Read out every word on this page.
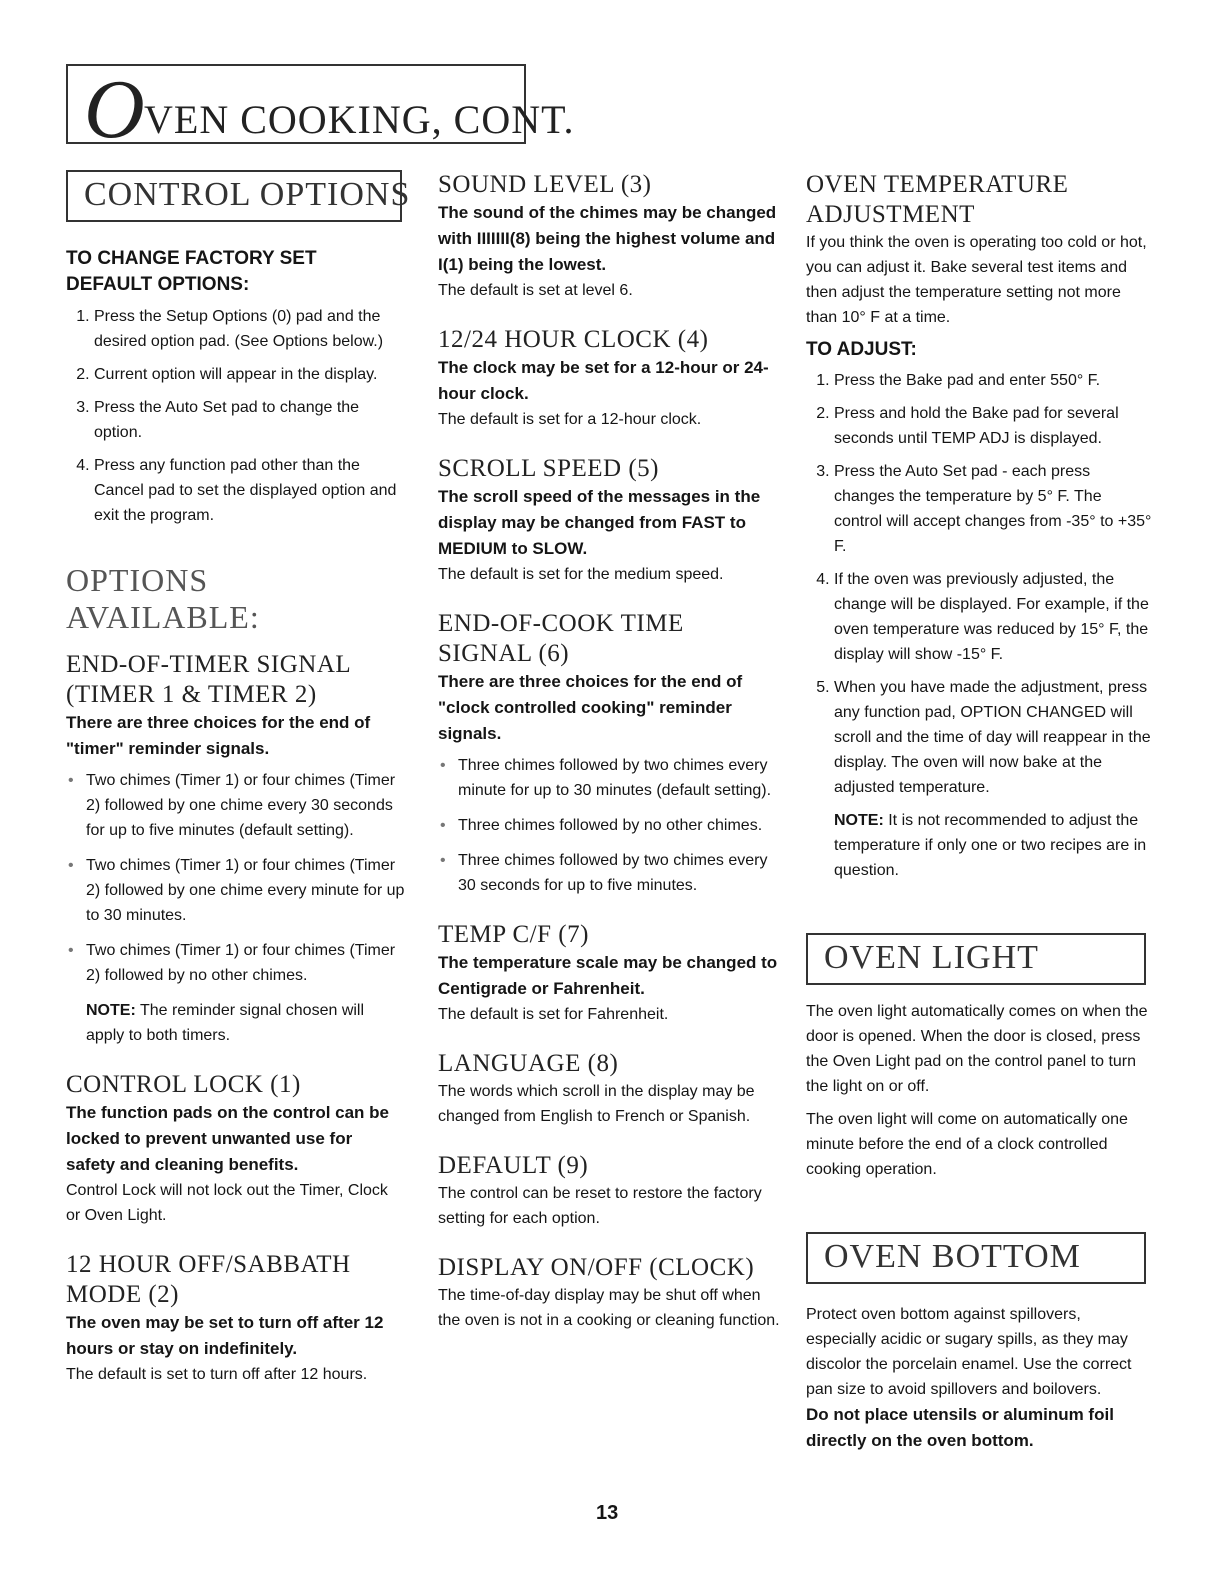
O VEN COOKING, CONT.
CONTROL OPTIONS
TO CHANGE FACTORY SET DEFAULT OPTIONS:
1. Press the Setup Options (0) pad and the desired option pad. (See Options below.)
2. Current option will appear in the display.
3. Press the Auto Set pad to change the option.
4. Press any function pad other than the Cancel pad to set the displayed option and exit the program.
OPTIONS AVAILABLE:
END-OF-TIMER SIGNAL (TIMER 1 & TIMER 2)

There are three choices for the end of "timer" reminder signals.

• Two chimes (Timer 1) or four chimes (Timer 2) followed by one chime every 30 seconds for up to five minutes (default setting).
• Two chimes (Timer 1) or four chimes (Timer 2) followed by one chime every minute for up to 30 minutes.
• Two chimes (Timer 1) or four chimes (Timer 2) followed by no other chimes.

NOTE: The reminder signal chosen will apply to both timers.

CONTROL LOCK (1)

The function pads on the control can be locked to prevent unwanted use for safety and cleaning benefits.

Control Lock will not lock out the Timer, Clock or Oven Light.

12 HOUR OFF/SABBATH MODE (2)

The oven may be set to turn off after 12 hours or stay on indefinitely.

The default is set to turn off after 12 hours.

SOUND LEVEL (3)

The sound of the chimes may be changed with IIIIIII(8) being the highest volume and I(1) being the lowest.

The default is set at level 6.

12/24 HOUR CLOCK (4)

The clock may be set for a 12-hour or 24-hour clock.

The default is set for a 12-hour clock.

SCROLL SPEED (5)

The scroll speed of the messages in the display may be changed from FAST to MEDIUM to SLOW.

The default is set for the medium speed.

END-OF-COOK TIME SIGNAL (6)

There are three choices for the end of "clock controlled cooking" reminder signals.

• Three chimes followed by two chimes every minute for up to 30 minutes (default setting).
• Three chimes followed by no other chimes.
• Three chimes followed by two chimes every 30 seconds for up to five minutes.
TEMP C/F (7)

The temperature scale may be changed to Centigrade or Fahrenheit.

The default is set for Fahrenheit.

LANGUAGE (8)

The words which scroll in the display may be changed from English to French or Spanish.

DEFAULT (9)

The control can be reset to restore the factory setting for each option.

DISPLAY ON/OFF (CLOCK)

The time-of-day display may be shut off when the oven is not in a cooking or cleaning function.

OVEN TEMPERATURE ADJUSTMENT

If you think the oven is operating too cold or hot, you can adjust it. Bake several test items and then adjust the temperature setting not more than 10° F at a time.

TO ADJUST:
1. Press the Bake pad and enter 550° F.
2. Press and hold the Bake pad for several seconds until TEMP ADJ is displayed.
3. Press the Auto Set pad - each press changes the temperature by 5° F. The control will accept changes from -35° to +35° F.
4. If the oven was previously adjusted, the change will be displayed. For example, if the oven temperature was reduced by 15° F, the display will show -15° F.
5. When you have made the adjustment, press any function pad, OPTION CHANGED will scroll and the time of day will reappear in the display. The oven will now bake at the adjusted temperature.

NOTE: It is not recommended to adjust the temperature if only one or two recipes are in question.

OVEN LIGHT

The oven light automatically comes on when the door is opened. When the door is closed, press the Oven Light pad on the control panel to turn the light on or off.

The oven light will come on automatically one minute before the end of a clock controlled cooking operation.

OVEN BOTTOM

Protect oven bottom against spillovers, especially acidic or sugary spills, as they may discolor the porcelain enamel. Use the correct pan size to avoid spillovers and boilovers.

Do not place utensils or aluminum foil directly on the oven bottom.

13
